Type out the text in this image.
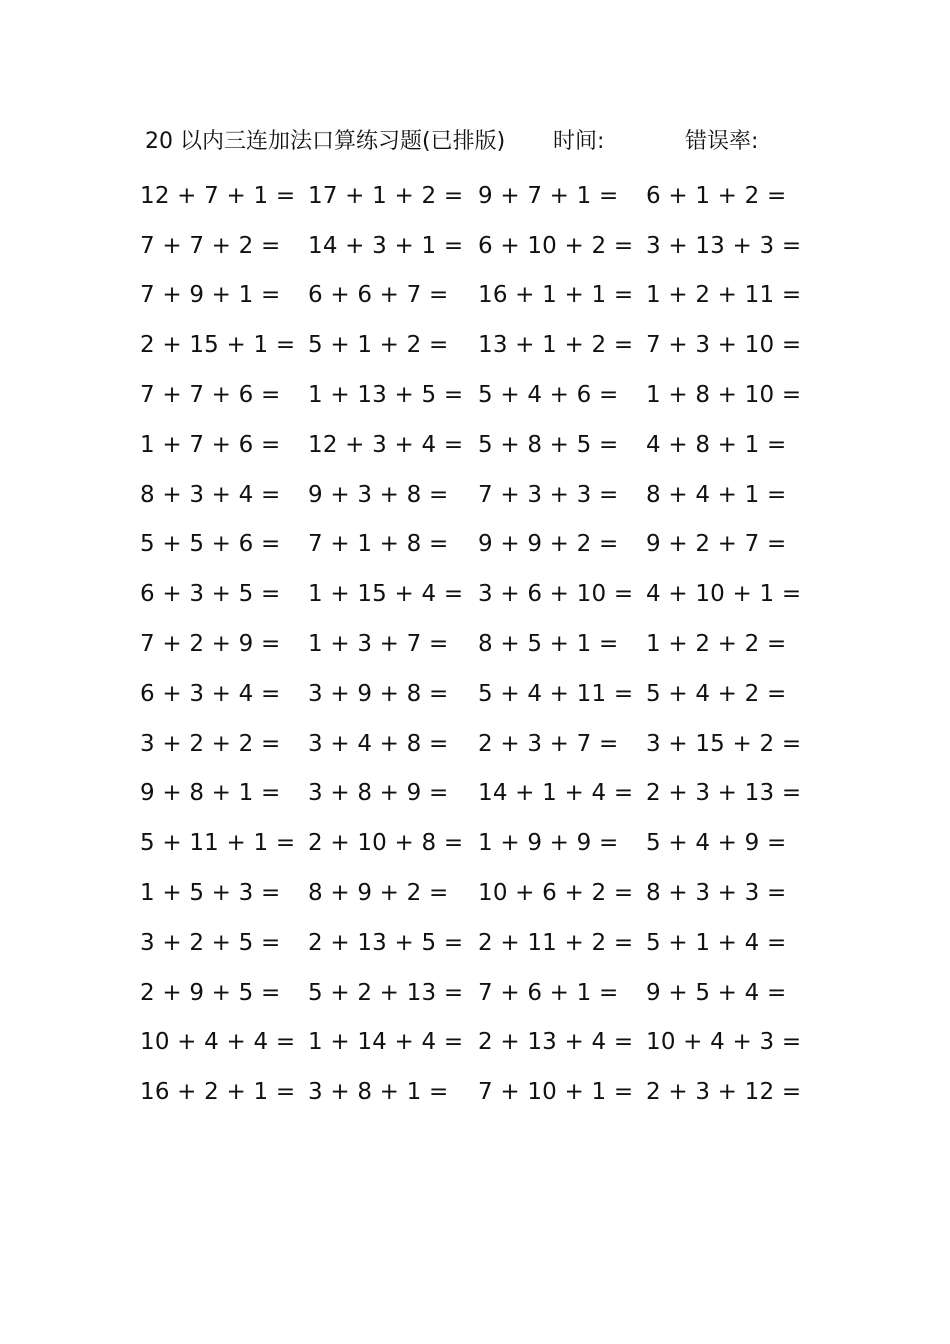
20 以内三连加法口算练习题(已排版) 时间:	错误率:
12 + 7 + 1 = 17 + 1 + 2 = 9 + 7 + 1 =	6 + 1 + 2 =
7 + 7 + 2 =	14 + 3 + 1 = 6 + 10 + 2 = 3 + 13 + 3 =
7 + 9 + 1 =	6 + 6 + 7 =	16 + 1 + 1 = 1 + 2 + 11 =
2 + 15 + 1 = 5 + 1 + 2 =	13 + 1 + 2 = 7 + 3 + 10 =
7 + 7 + 6 =	1 + 13 + 5 = 5 + 4 + 6 =	1 + 8 + 10 =
1 + 7 + 6 =	12 + 3 + 4 = 5 + 8 + 5 =	4 + 8 + 1 =
8 + 3 + 4 =	9 + 3 + 8 =	7 + 3 + 3 =	8 + 4 + 1 =
5 + 5 + 6 =	7 + 1 + 8 =	9 + 9 + 2 =	9 + 2 + 7 =
6 + 3 + 5 =	1 + 15 + 4 = 3 + 6 + 10 = 4 + 10 + 1 =
7 + 2 + 9 =	1 + 3 + 7 =	8 + 5 + 1 =	1 + 2 + 2 =
6 + 3 + 4 =	3 + 9 + 8 =	5 + 4 + 11 = 5 + 4 + 2 =
3 + 2 + 2 =	3 + 4 + 8 =	2 + 3 + 7 =	3 + 15 + 2 =
9 + 8 + 1 =	3 + 8 + 9 =	14 + 1 + 4 = 2 + 3 + 13 =
5 + 11 + 1 = 2 + 10 + 8 = 1 + 9 + 9 =	5 + 4 + 9 =
1 + 5 + 3 =	8 + 9 + 2 =	10 + 6 + 2 = 8 + 3 + 3 =
3 + 2 + 5 =	2 + 13 + 5 = 2 + 11 + 2 = 5 + 1 + 4 =
2 + 9 + 5 =	5 + 2 + 13 = 7 + 6 + 1 =	9 + 5 + 4 =
10 + 4 + 4 = 1 + 14 + 4 = 2 + 13 + 4 = 10 + 4 + 3 =
16 + 2 + 1 = 3 + 8 + 1 =	7 + 10 + 1 = 2 + 3 + 12 =
